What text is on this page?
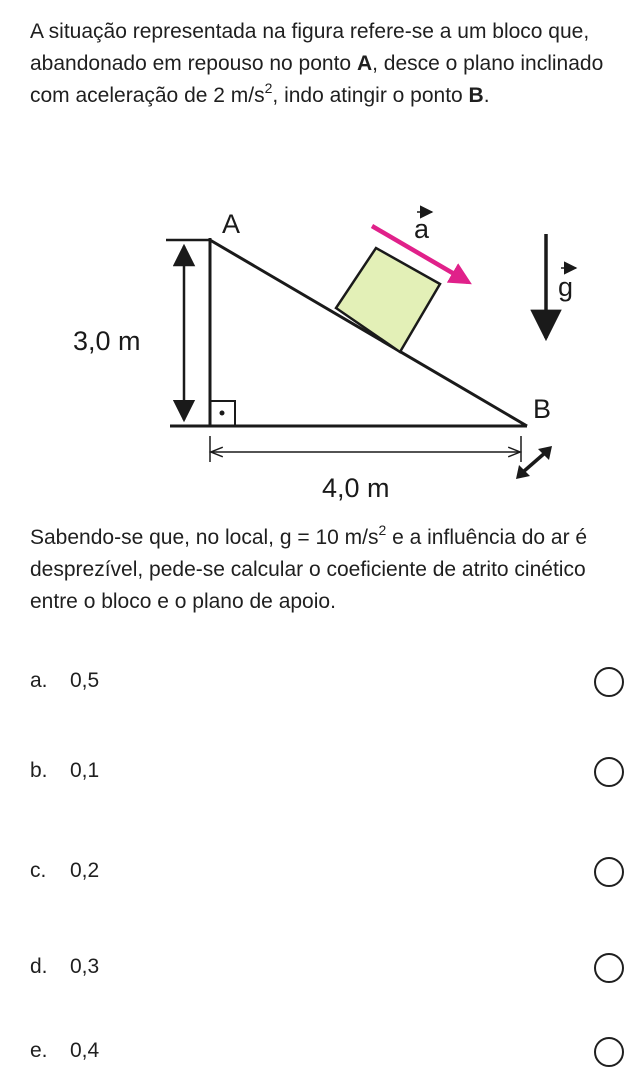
A situação representada na figura refere-se a um bloco que, abandonado em repouso no ponto A, desce o plano inclinado com aceleração de 2 $m/s^2$, indo atingir o ponto B.

3,0 m
4,0 m
A
B
a
g

Sabendo-se que, no local, g = 10 $m/s^2$ e a influência do ar é desprezível, pede-se calcular o coeficiente de atrito cinético entre o bloco e o plano de apoio.

a. 0,5
b. 0,1
c. 0,2
d. 0,3
e. 0,4
